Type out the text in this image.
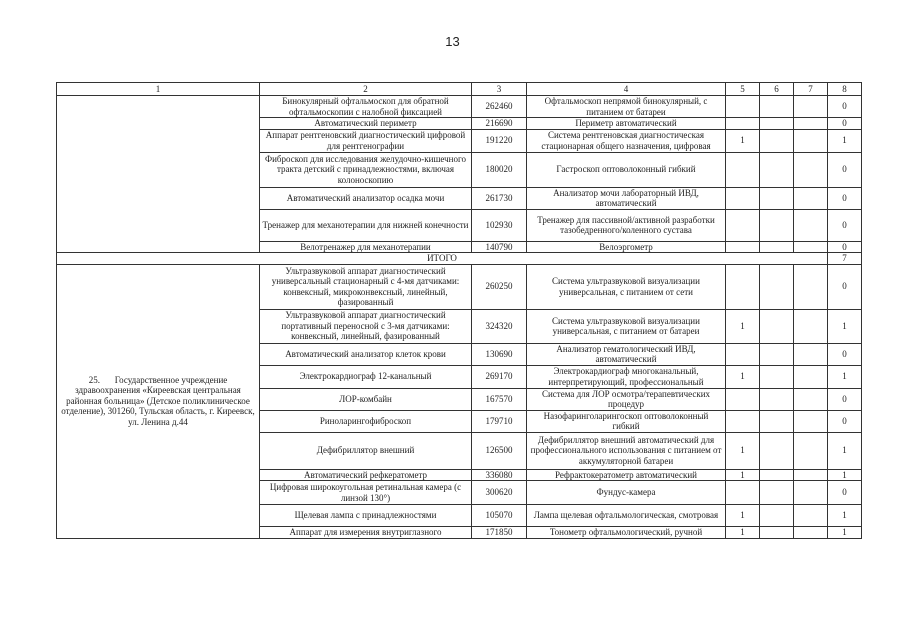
13
1	2	3	4	5	6	7	8
	Бинокулярный офтальмоскоп для обратной офтальмоскопии с налобной фиксацией	262460	Офтальмоскоп непрямой бинокулярный, с питанием от батареи				0
	Автоматический периметр	216690	Периметр автоматический				0
	Аппарат рентгеновский диагностический цифровой для рентгенографии	191220	Система рентгеновская диагностическая стационарная общего назначения, цифровая	1			1
	Фиброскоп для исследования желудочно-кишечного тракта детский с принадлежностями, включая колоноскопию	180020	Гастроскоп оптоволоконный гибкий				0
	Автоматический анализатор осадка мочи	261730	Анализатор мочи лабораторный ИВД, автоматический				0
	Тренажер для механотерапии для нижней конечности	102930	Тренажер для пассивной/активной разработки тазобедренного/коленного сустава				0
	Велотренажер для механотерапии	140790	Велоэргометр				0
ИТОГО							7
25. Государственное учреждение здравоохранения «Киреевская центральная районная больница» (Детское поликлиническое отделение), 301260, Тульская область, г. Киреевск, ул. Ленина д.44	Ультразвуковой аппарат диагностический универсальный стационарный с 4-мя датчиками: конвексный, микроконвексный, линейный, фазированный	260250	Система ультразвуковой визуализации универсальная, с питанием от сети				0
	Ультразвуковой аппарат диагностический портативный переносной с 3-мя датчиками: конвексный, линейный, фазированный	324320	Система ультразвуковой визуализации универсальная, с питанием от батареи	1			1
	Автоматический анализатор клеток крови	130690	Анализатор гематологический ИВД, автоматический				0
	Электрокардиограф 12-канальный	269170	Электрокардиограф многоканальный, интерпретирующий, профессиональный	1			1
	ЛОР-комбайн	167570	Система для ЛОР осмотра/терапевтических процедур				0
	Риноларингофиброскоп	179710	Назофаринголарингоскоп оптоволоконный гибкий				0
	Дефибриллятор внешний	126500	Дефибриллятор внешний автоматический для профессионального использования с питанием от аккумуляторной батареи	1			1
	Автоматический рефкератометр	336080	Рефрактокератометр автоматический	1			1
	Цифровая широкоугольная ретинальная камера (с линзой 130°)	300620	Фундус-камера				0
	Щелевая лампа с принадлежностями	105070	Лампа щелевая офтальмологическая, смотровая	1			1
	Аппарат для измерения внутриглазного	171850	Тонометр офтальмологический, ручной	1			1
